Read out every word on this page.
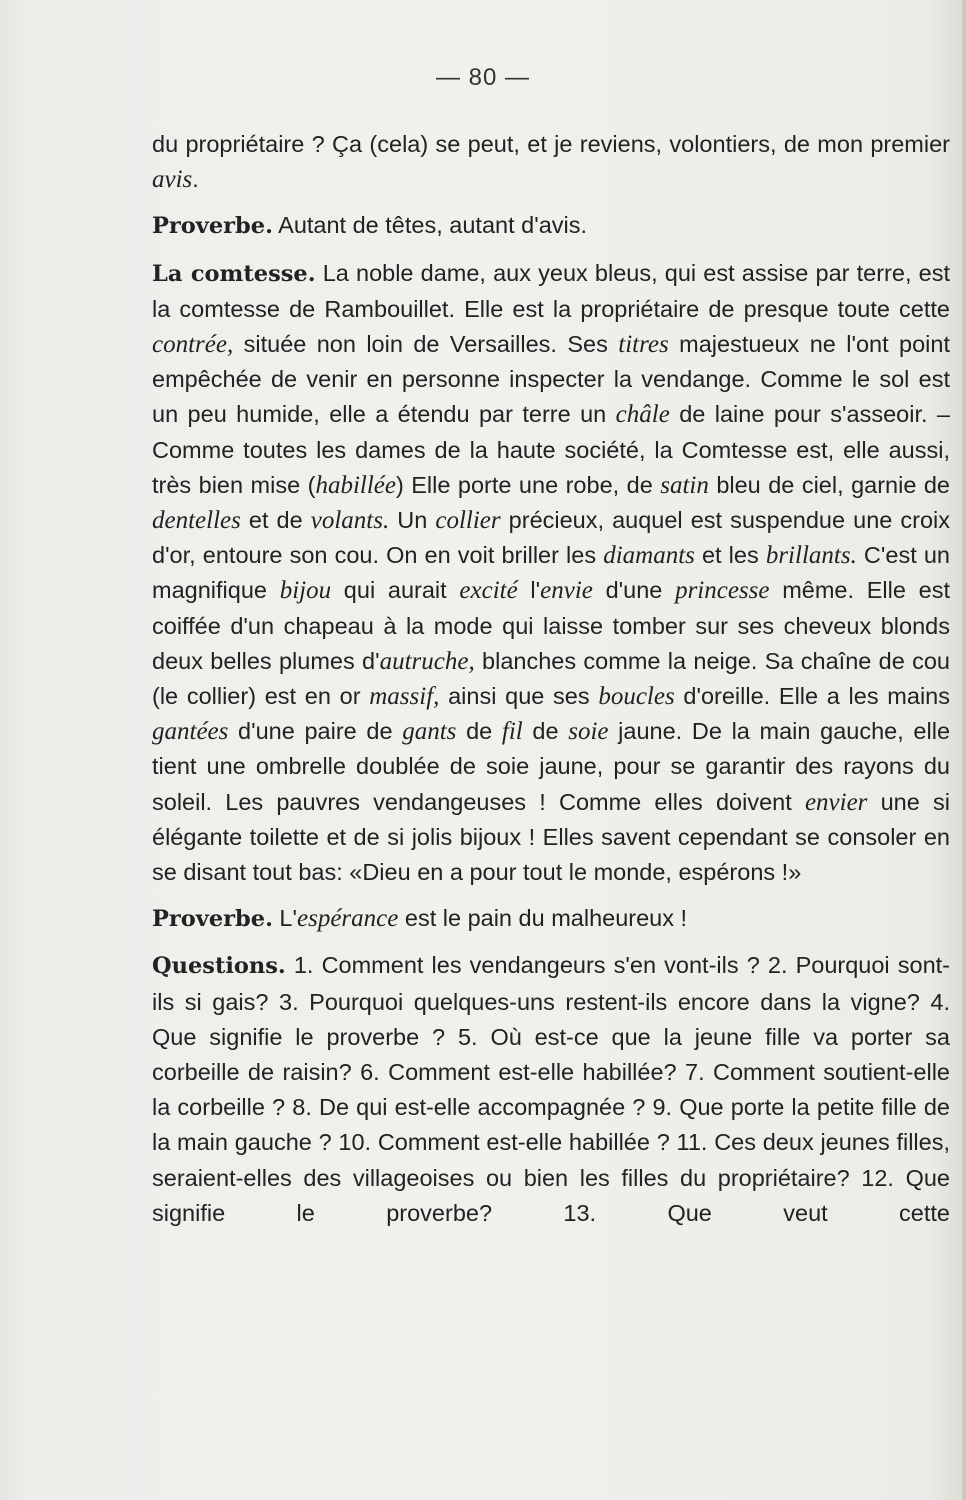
— 80 —

du propriétaire ? Ça (cela) se peut, et je reviens, volontiers, de mon premier avis.

Proverbe. Autant de têtes, autant d'avis.

La comtesse. La noble dame, aux yeux bleus, qui est assise par terre, est la comtesse de Rambouillet. Elle est la propriétaire de presque toute cette contrée, située non loin de Versailles. Ses titres majestueux ne l'ont point empêchée de venir en personne inspecter la vendange. Comme le sol est un peu humide, elle a étendu par terre un châle de laine pour s'asseoir. – Comme toutes les dames de la haute société, la Comtesse est, elle aussi, très bien mise (habillée) Elle porte une robe, de satin bleu de ciel, garnie de dentelles et de volants. Un collier précieux, auquel est suspendue une croix d'or, entoure son cou. On en voit briller les diamants et les brillants. C'est un magnifique bijou qui aurait excité l'envie d'une princesse même. Elle est coiffée d'un chapeau à la mode qui laisse tomber sur ses cheveux blonds deux belles plumes d'autruche, blanches comme la neige. Sa chaîne de cou (le collier) est en or massif, ainsi que ses boucles d'oreille. Elle a les mains gantées d'une paire de gants de fil de soie jaune. De la main gauche, elle tient une ombrelle doublée de soie jaune, pour se garantir des rayons du soleil. Les pauvres vendangeuses ! Comme elles doivent envier une si élégante toilette et de si jolis bijoux ! Elles savent cependant se consoler en se disant tout bas: «Dieu en a pour tout le monde, espérons !»

Proverbe. L'espérance est le pain du malheureux !

Questions. 1. Comment les vendangeurs s'en vont-ils ? 2. Pourquoi sont-ils si gais? 3. Pourquoi quelques-uns restent-ils encore dans la vigne? 4. Que signifie le proverbe ? 5. Où est-ce que la jeune fille va porter sa corbeille de raisin? 6. Comment est-elle habillée? 7. Comment soutient-elle la corbeille ? 8. De qui est-elle accompagnée ? 9. Que porte la petite fille de la main gauche ? 10. Comment est-elle habillée ? 11. Ces deux jeunes filles, seraient-elles des villageoises ou bien les filles du propriétaire? 12. Que signifie le proverbe? 13. Que veut cette
